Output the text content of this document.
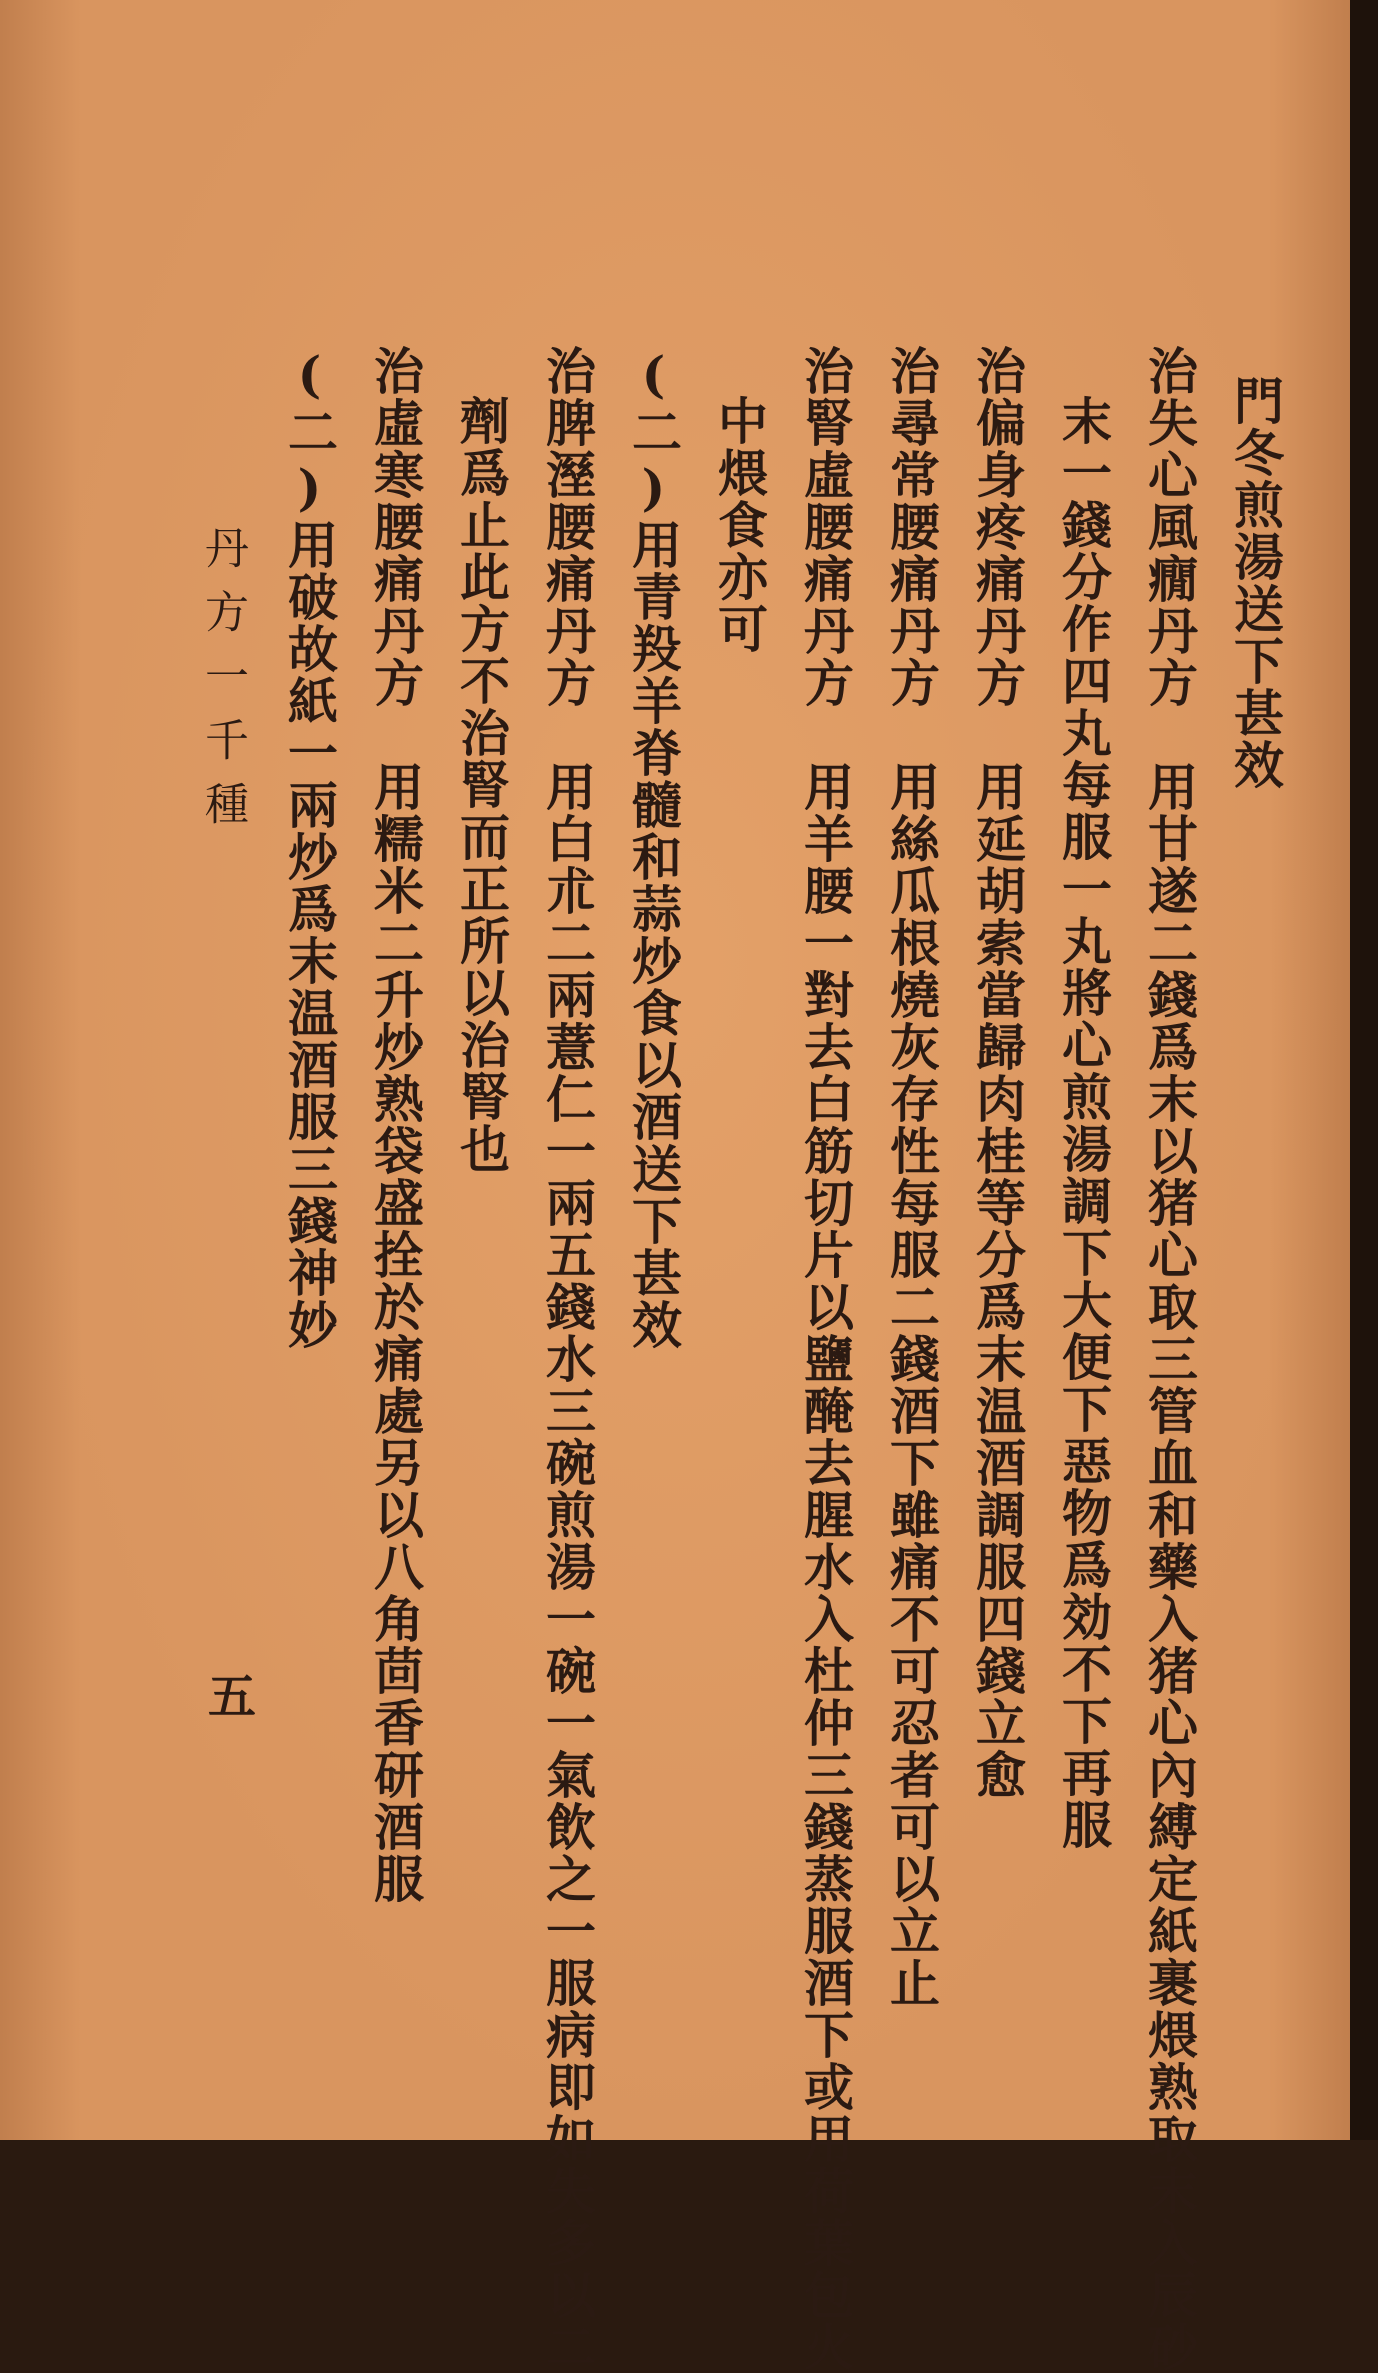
門冬煎湯送下甚效
治失心風癇丹方　用甘遂二錢爲末以猪心取三管血和藥入猪心內縛定紙裹煨熟取末入辰砂
末一錢分作四丸每服一丸將心煎湯調下大便下惡物爲効不下再服
治偏身疼痛丹方　用延胡索當歸肉桂等分爲末温酒調服四錢立愈
治尋常腰痛丹方　用絲瓜根燒灰存性每服二錢酒下雖痛不可忍者可以立止
治腎虛腰痛丹方　用羊腰一對去白筋切片以鹽醃去腥水入杜仲三錢蒸服酒下或用荷葉包火
中煨食亦可
(二)用青羖羊脊髓和蒜炒食以酒送下甚效
治脾溼腰痛丹方　用白朮二兩薏仁一兩五錢水三碗煎湯一碗一氣飲之一服病即如失多以二
劑爲止此方不治腎而正所以治腎也
治虛寒腰痛丹方　用糯米二升炒熟袋盛拴於痛處另以八角茴香研酒服
(二)用破故紙一兩炒爲末温酒服三錢神妙
丹方一千種
五
